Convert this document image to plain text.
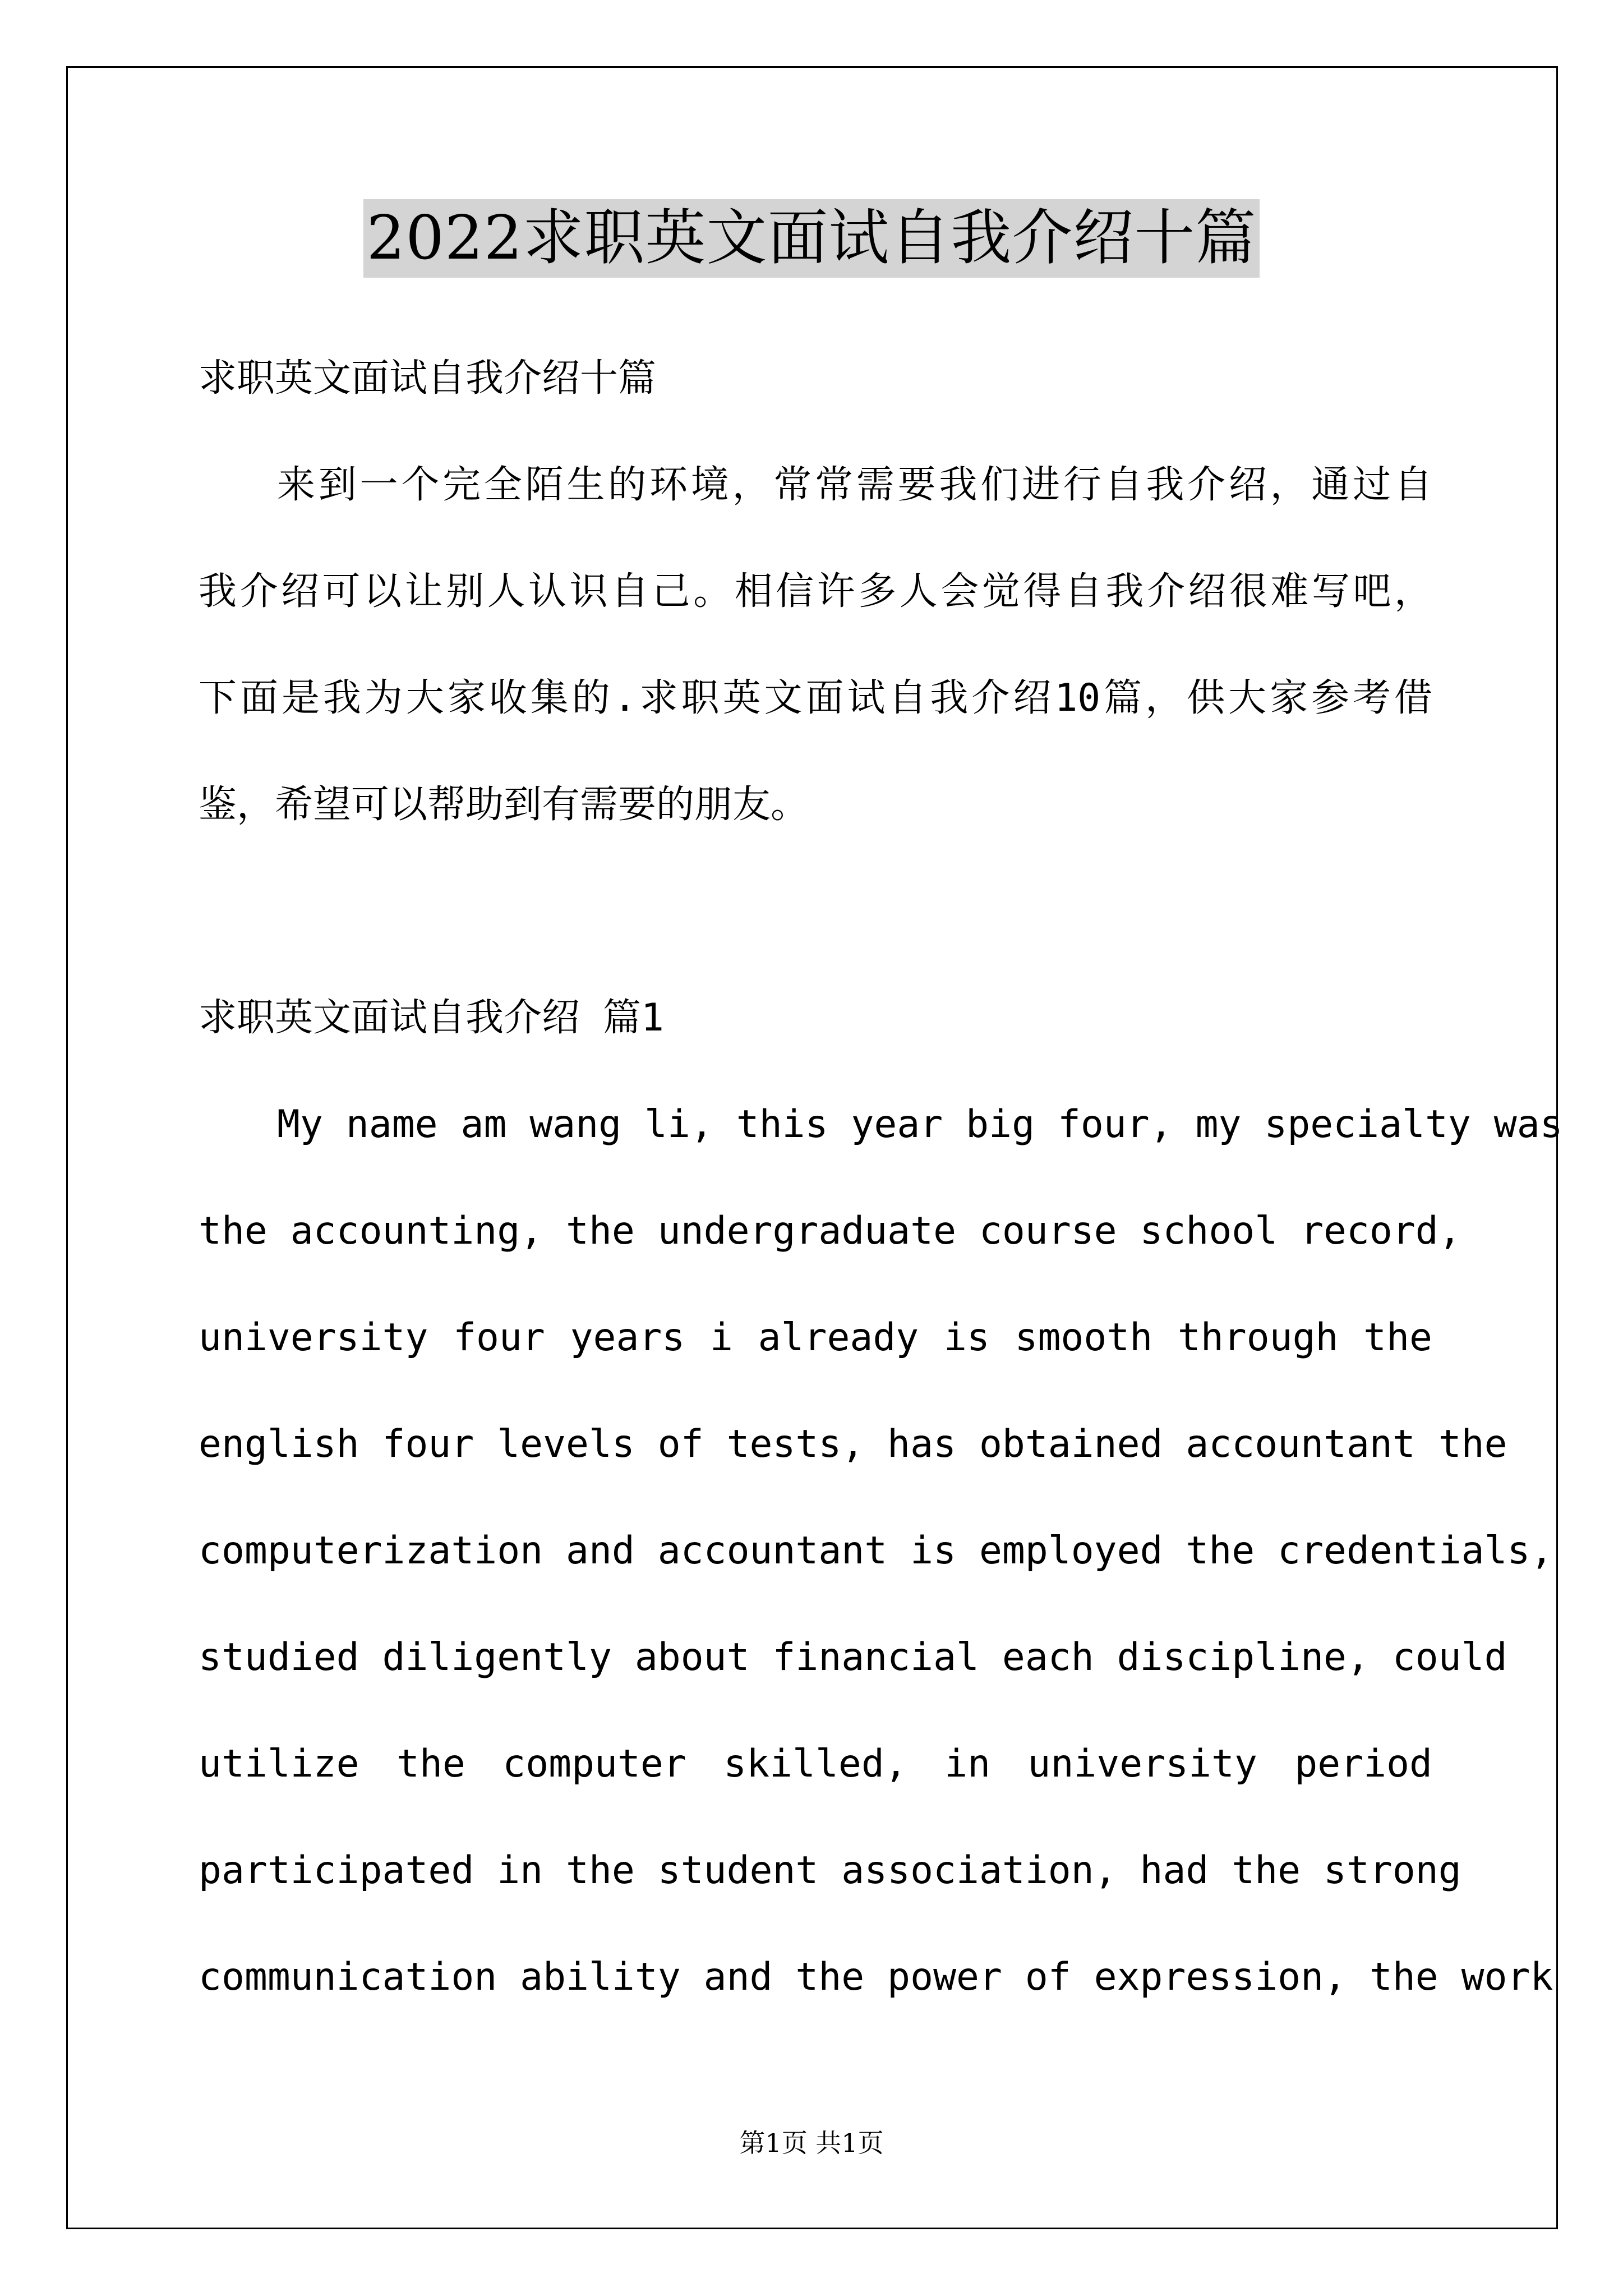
2022求职英文面试自我介绍十篇
求职英文面试自我介绍十篇
来到一个完全陌生的环境，常常需要我们进行自我介绍，通过自
我介绍可以让别人认识自己。相信许多人会觉得自我介绍很难写吧，
下面是我为大家收集的.求职英文面试自我介绍10篇，供大家参考借
鉴，希望可以帮助到有需要的朋友。
求职英文面试自我介绍 篇1
My name am wang li, this year big four, my specialty was
the accounting, the undergraduate course school record,
university four years i already is smooth through the
english four levels of tests, has obtained accountant the
computerization and accountant is employed the credentials,
studied diligently about financial each discipline, could
utilize the computer skilled, in university period
participated in the student association, had the strong
communication ability and the power of expression, the work
第1页 共1页
